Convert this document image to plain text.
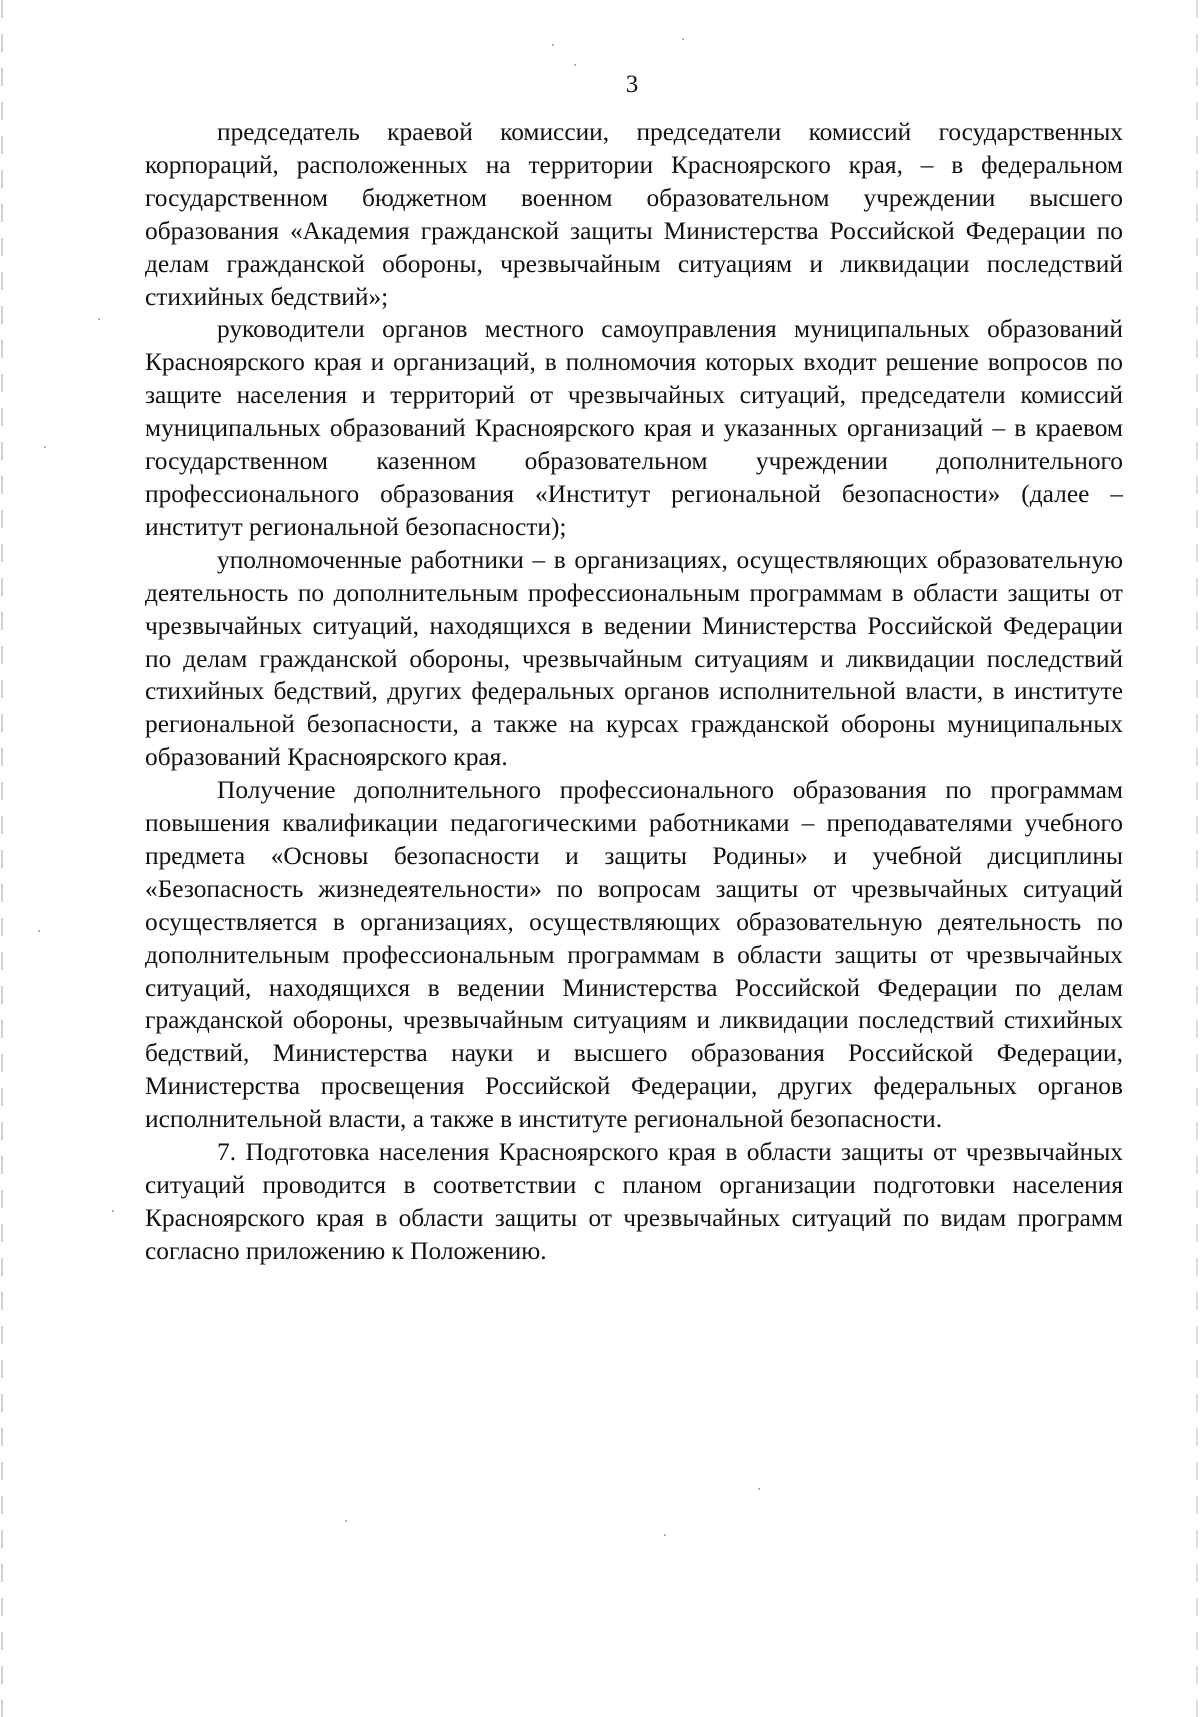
3

председатель краевой комиссии, председатели комиссий государственных корпораций, расположенных на территории Красноярского края, – в федеральном государственном бюджетном военном образовательном учреждении высшего образования «Академия гражданской защиты Министерства Российской Федерации по делам гражданской обороны, чрезвычайным ситуациям и ликвидации последствий стихийных бедствий»;

руководители органов местного самоуправления муниципальных образований Красноярского края и организаций, в полномочия которых входит решение вопросов по защите населения и территорий от чрезвычайных ситуаций, председатели комиссий муниципальных образований Красноярского края и указанных организаций – в краевом государственном казенном образовательном учреждении дополнительного профессионального образования «Институт региональной безопасности» (далее – институт региональной безопасности);

уполномоченные работники – в организациях, осуществляющих образовательную деятельность по дополнительным профессиональным программам в области защиты от чрезвычайных ситуаций, находящихся в ведении Министерства Российской Федерации по делам гражданской обороны, чрезвычайным ситуациям и ликвидации последствий стихийных бедствий, других федеральных органов исполнительной власти, в институте региональной безопасности, а также на курсах гражданской обороны муниципальных образований Красноярского края.

Получение дополнительного профессионального образования по программам повышения квалификации педагогическими работниками – преподавателями учебного предмета «Основы безопасности и защиты Родины» и учебной дисциплины «Безопасность жизнедеятельности» по вопросам защиты от чрезвычайных ситуаций осуществляется в организациях, осуществляющих образовательную деятельность по дополнительным профессиональным программам в области защиты от чрезвычайных ситуаций, находящихся в ведении Министерства Российской Федерации по делам гражданской обороны, чрезвычайным ситуациям и ликвидации последствий стихийных бедствий, Министерства науки и высшего образования Российской Федерации, Министерства просвещения Российской Федерации, других федеральных органов исполнительной власти, а также в институте региональной безопасности.

7. Подготовка населения Красноярского края в области защиты от чрезвычайных ситуаций проводится в соответствии с планом организации подготовки населения Красноярского края в области защиты от чрезвычайных ситуаций по видам программ согласно приложению к Положению.
